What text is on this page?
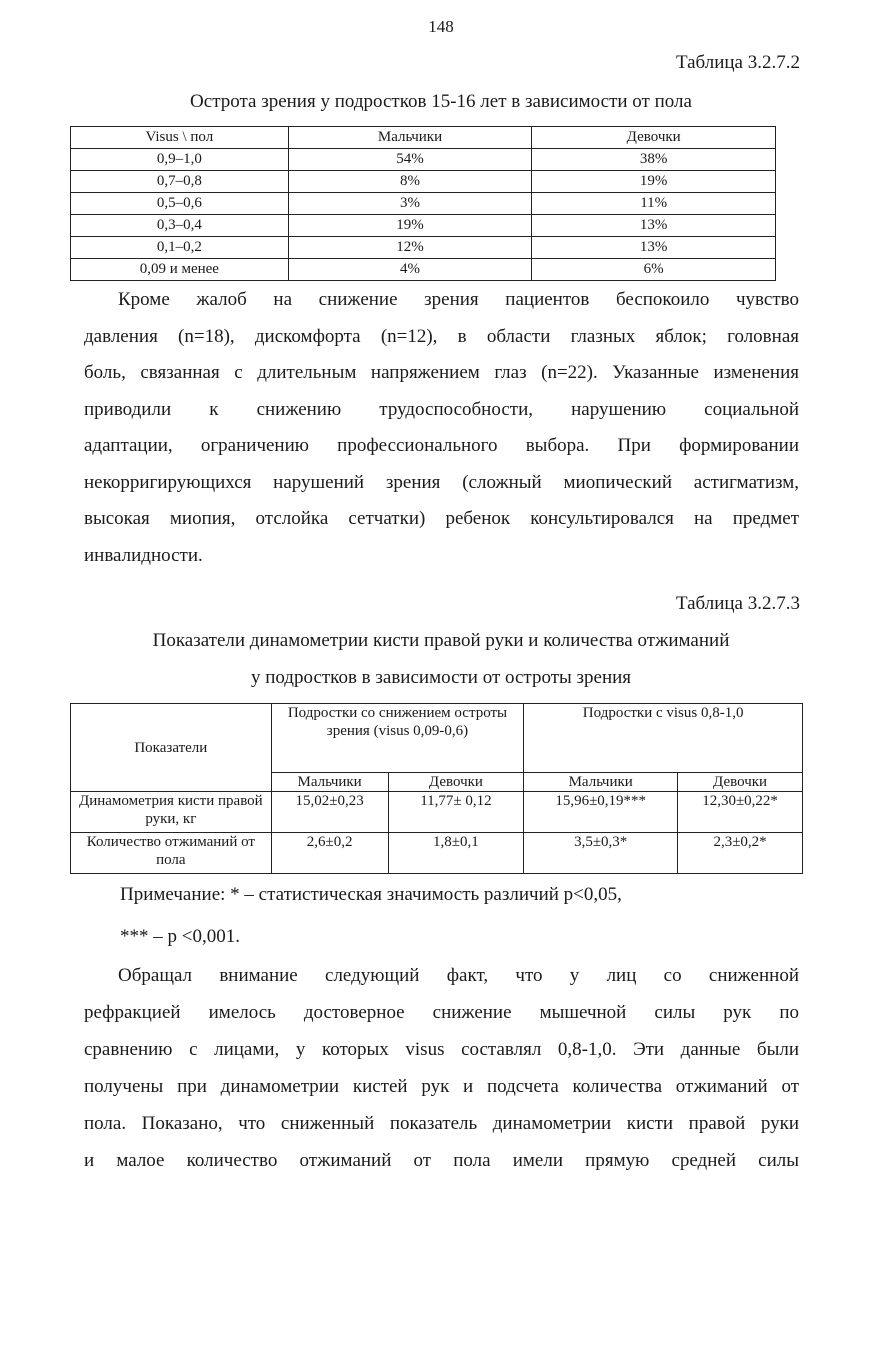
148
Таблица 3.2.7.2
Острота зрения у подростков 15-16 лет в зависимости от пола
Visus \ пол	Мальчики	Девочки
0,9–1,0	54%	38%
0,7–0,8	8%	19%
0,5–0,6	3%	11%
0,3–0,4	19%	13%
0,1–0,2	12%	13%
0,09 и менее	4%	6%
Кроме жалоб на снижение зрения пациентов беспокоило чувство
давления (n=18), дискомфорта (n=12), в области глазных яблок; головная
боль, связанная с длительным напряжением глаз (n=22). Указанные изменения
приводили к снижению трудоспособности, нарушению социальной
адаптации, ограничению профессионального выбора. При формировании
некорригирующихся нарушений зрения (сложный миопический астигматизм,
высокая миопия, отслойка сетчатки) ребенок консультировался на предмет
инвалидности.
Таблица 3.2.7.3
Показатели динамометрии кисти правой руки и количества отжиманий
у подростков в зависимости от остроты зрения
Показатели	Подростки со снижением остроты зрения (visus 0,09-0,6)		Подростки с visus 0,8-1,0	
	Мальчики	Девочки	Мальчики	Девочки
Динамометрия кисти правой руки, кг	15,02±0,23	11,77± 0,12	15,96±0,19***	12,30±0,22*
Количество отжиманий от пола	2,6±0,2	1,8±0,1	3,5±0,3*	2,3±0,2*
Примечание: * – статистическая значимость различий p<0,05,
*** – p <0,001.
Обращал внимание следующий факт, что у лиц со сниженной
рефракцией имелось достоверное снижение мышечной силы рук по
сравнению с лицами, у которых visus составлял 0,8-1,0. Эти данные были
получены при динамометрии кистей рук и подсчета количества отжиманий от
пола. Показано, что сниженный показатель динамометрии кисти правой руки
и малое количество отжиманий от пола имели прямую средней силы
